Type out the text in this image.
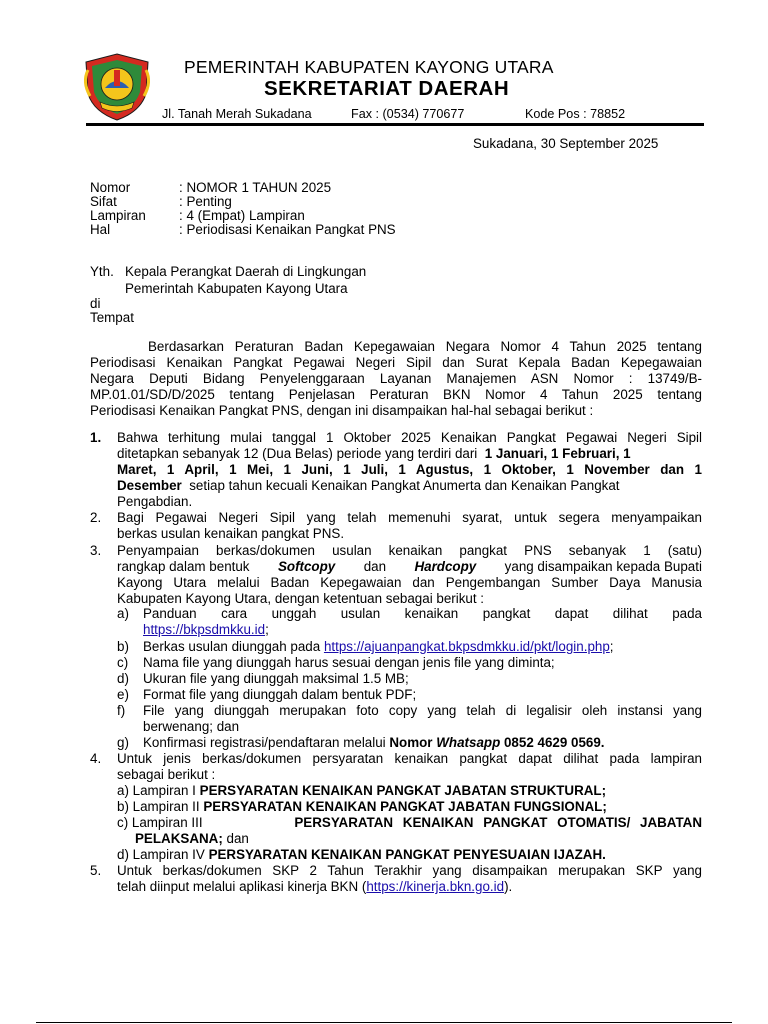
PEMERINTAH KABUPATEN KAYONG UTARA
SEKRETARIAT DAERAH
Jl. Tanah Merah Sukadana	Fax : (0534) 770677	Kode Pos : 78852
Sukadana, 30 September 2025
Nomor	: NOMOR 1 TAHUN 2025
Sifat	: Penting
Lampiran : 4 (Empat) Lampiran
Hal	: Periodisasi Kenaikan Pangkat PNS
Yth. Kepala Perangkat Daerah di Lingkungan
Pemerintah Kabupaten Kayong Utara
di
Tempat
Berdasarkan Peraturan Badan Kepegawaian Negara Nomor 4 Tahun 2025 tentang
Periodisasi Kenaikan Pangkat Pegawai Negeri Sipil dan Surat Kepala Badan Kepegawaian
Negara Deputi Bidang Penyelenggaraan Layanan Manajemen ASN Nomor : 13749/B-
MP.01.01/SD/D/2025 tentang Penjelasan Peraturan BKN Nomor 4 Tahun 2025 tentang
Periodisasi Kenaikan Pangkat PNS, dengan ini disampaikan hal-hal sebagai berikut :
1. Bahwa terhitung mulai tanggal 1 Oktober 2025 Kenaikan Pangkat Pegawai Negeri Sipil
ditetapkan sebanyak 12 (Dua Belas) periode yang terdiri dari 1 Januari, 1 Februari, 1
Maret, 1 April, 1 Mei, 1 Juni, 1 Juli, 1 Agustus, 1 Oktober, 1 November dan 1
Desember setiap tahun kecuali Kenaikan Pangkat Anumerta dan Kenaikan Pangkat
Pengabdian.
2. Bagi Pegawai Negeri Sipil yang telah memenuhi syarat, untuk segera menyampaikan
berkas usulan kenaikan pangkat PNS.
3. Penyampaian berkas/dokumen usulan kenaikan pangkat PNS sebanyak 1 (satu)
rangkap dalam bentuk Softcopy dan Hardcopy yang disampaikan kepada Bupati
Kayong Utara melalui Badan Kepegawaian dan Pengembangan Sumber Daya Manusia
Kabupaten Kayong Utara, dengan ketentuan sebagai berikut :
a) Panduan cara unggah usulan kenaikan pangkat dapat dilihat pada
https://bkpsdmkku.id;
b) Berkas usulan diunggah pada https://ajuanpangkat.bkpsdmkku.id/pkt/login.php;
c) Nama file yang diunggah harus sesuai dengan jenis file yang diminta;
d) Ukuran file yang diunggah maksimal 1.5 MB;
e) Format file yang diunggah dalam bentuk PDF;
f) File yang diunggah merupakan foto copy yang telah di legalisir oleh instansi yang
berwenang; dan
g) Konfirmasi registrasi/pendaftaran melalui Nomor Whatsapp 0852 4629 0569.
4. Untuk jenis berkas/dokumen persyaratan kenaikan pangkat dapat dilihat pada lampiran
sebagai berikut :
a) Lampiran I PERSYARATAN KENAIKAN PANGKAT JABATAN STRUKTURAL;
b) Lampiran II PERSYARATAN KENAIKAN PANGKAT JABATAN FUNGSIONAL;
c) Lampiran III	PERSYARATAN KENAIKAN PANGKAT OTOMATIS/ JABATAN
PELAKSANA; dan
d) Lampiran IV PERSYARATAN KENAIKAN PANGKAT PENYESUAIAN IJAZAH.
5. Untuk berkas/dokumen SKP 2 Tahun Terakhir yang disampaikan merupakan SKP yang
telah diinput melalui aplikasi kinerja BKN (https://kinerja.bkn.go.id).
